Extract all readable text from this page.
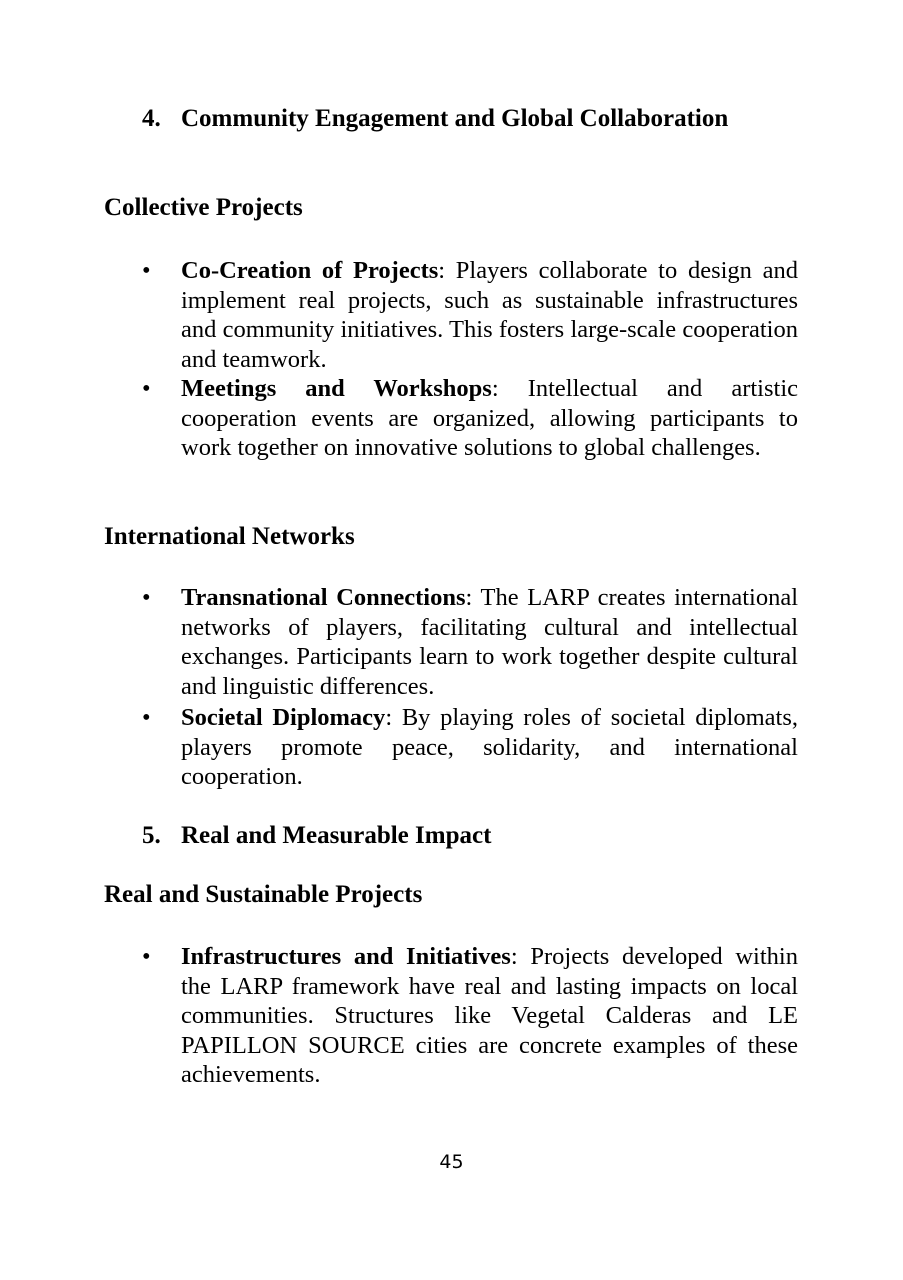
4. Community Engagement and Global Collaboration
Collective Projects
•	Co-Creation of Projects: Players collaborate to design and implement real projects, such as sustainable infrastructures and community initiatives. This fosters large-scale cooperation and teamwork.
•	Meetings and Workshops: Intellectual and artistic cooperation events are organized, allowing participants to work together on innovative solutions to global challenges.
International Networks
•	Transnational Connections: The LARP creates international networks of players, facilitating cultural and intellectual exchanges. Participants learn to work together despite cultural and linguistic differences.
•	Societal Diplomacy: By playing roles of societal diplomats, players promote peace, solidarity, and international cooperation.
5. Real and Measurable Impact
Real and Sustainable Projects
•	Infrastructures and Initiatives: Projects developed within the LARP framework have real and lasting impacts on local communities. Structures like Vegetal Calderas and LE PAPILLON SOURCE cities are concrete examples of these achievements.
45
